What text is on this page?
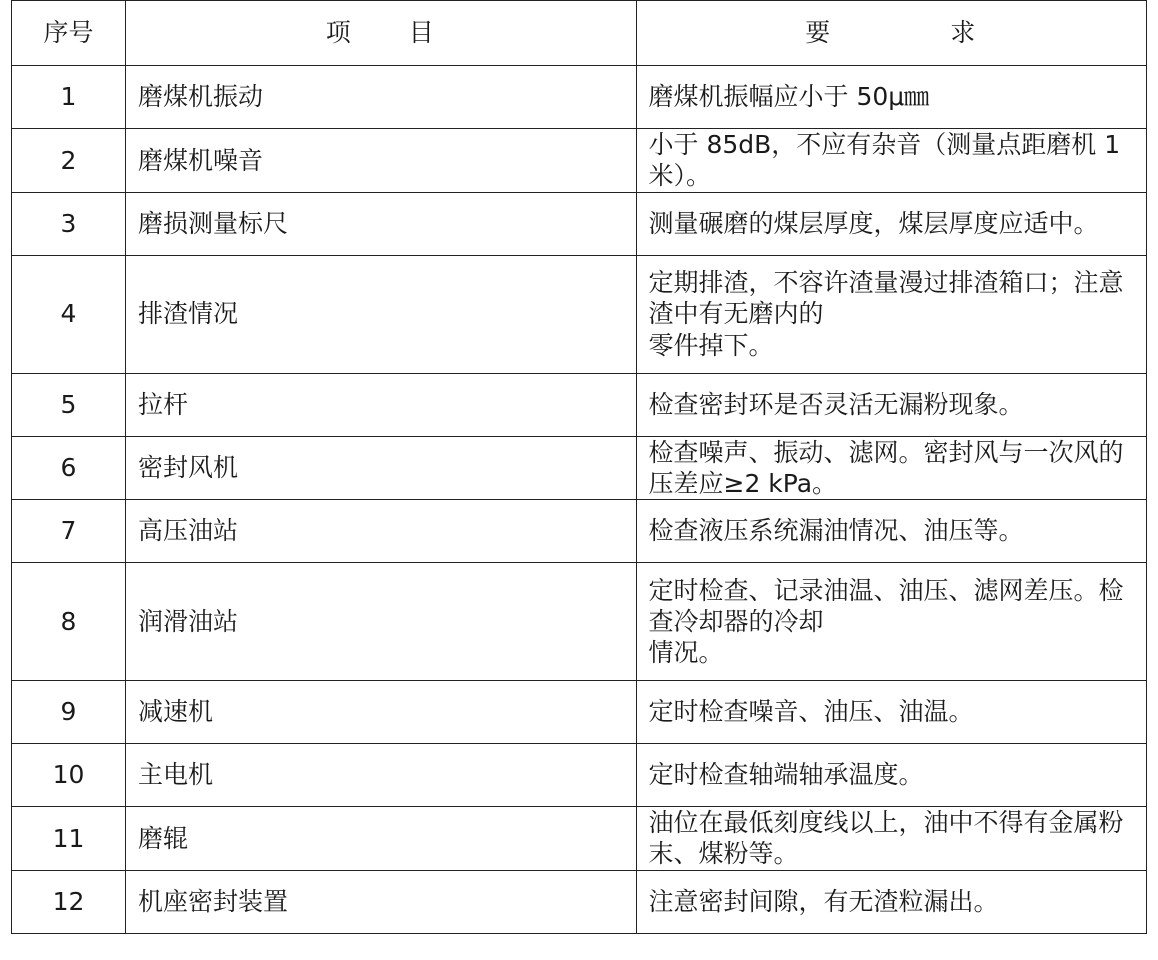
序号	项 目	要 求
1	磨煤机振动	磨煤机振幅应小于 50μ㎜
2	磨煤机噪音	小于 85dB，不应有杂音（测量点距磨机 1 米）。
3	磨损测量标尺	测量碾磨的煤层厚度，煤层厚度应适中。
4	排渣情况	定期排渣，不容许渣量漫过排渣箱口；注意渣中有无磨内的
零件掉下。
5	拉杆	检查密封环是否灵活无漏粉现象。
6	密封风机	检查噪声、振动、滤网。密封风与一次风的压差应≥2 kPa。
7	高压油站	检查液压系统漏油情况、油压等。
8	润滑油站	定时检查、记录油温、油压、滤网差压。检查冷却器的冷却
情况。
9	减速机	定时检查噪音、油压、油温。
10	主电机	定时检查轴端轴承温度。
11	磨辊	油位在最低刻度线以上，油中不得有金属粉末、煤粉等。
12	机座密封装置	注意密封间隙，有无渣粒漏出。
